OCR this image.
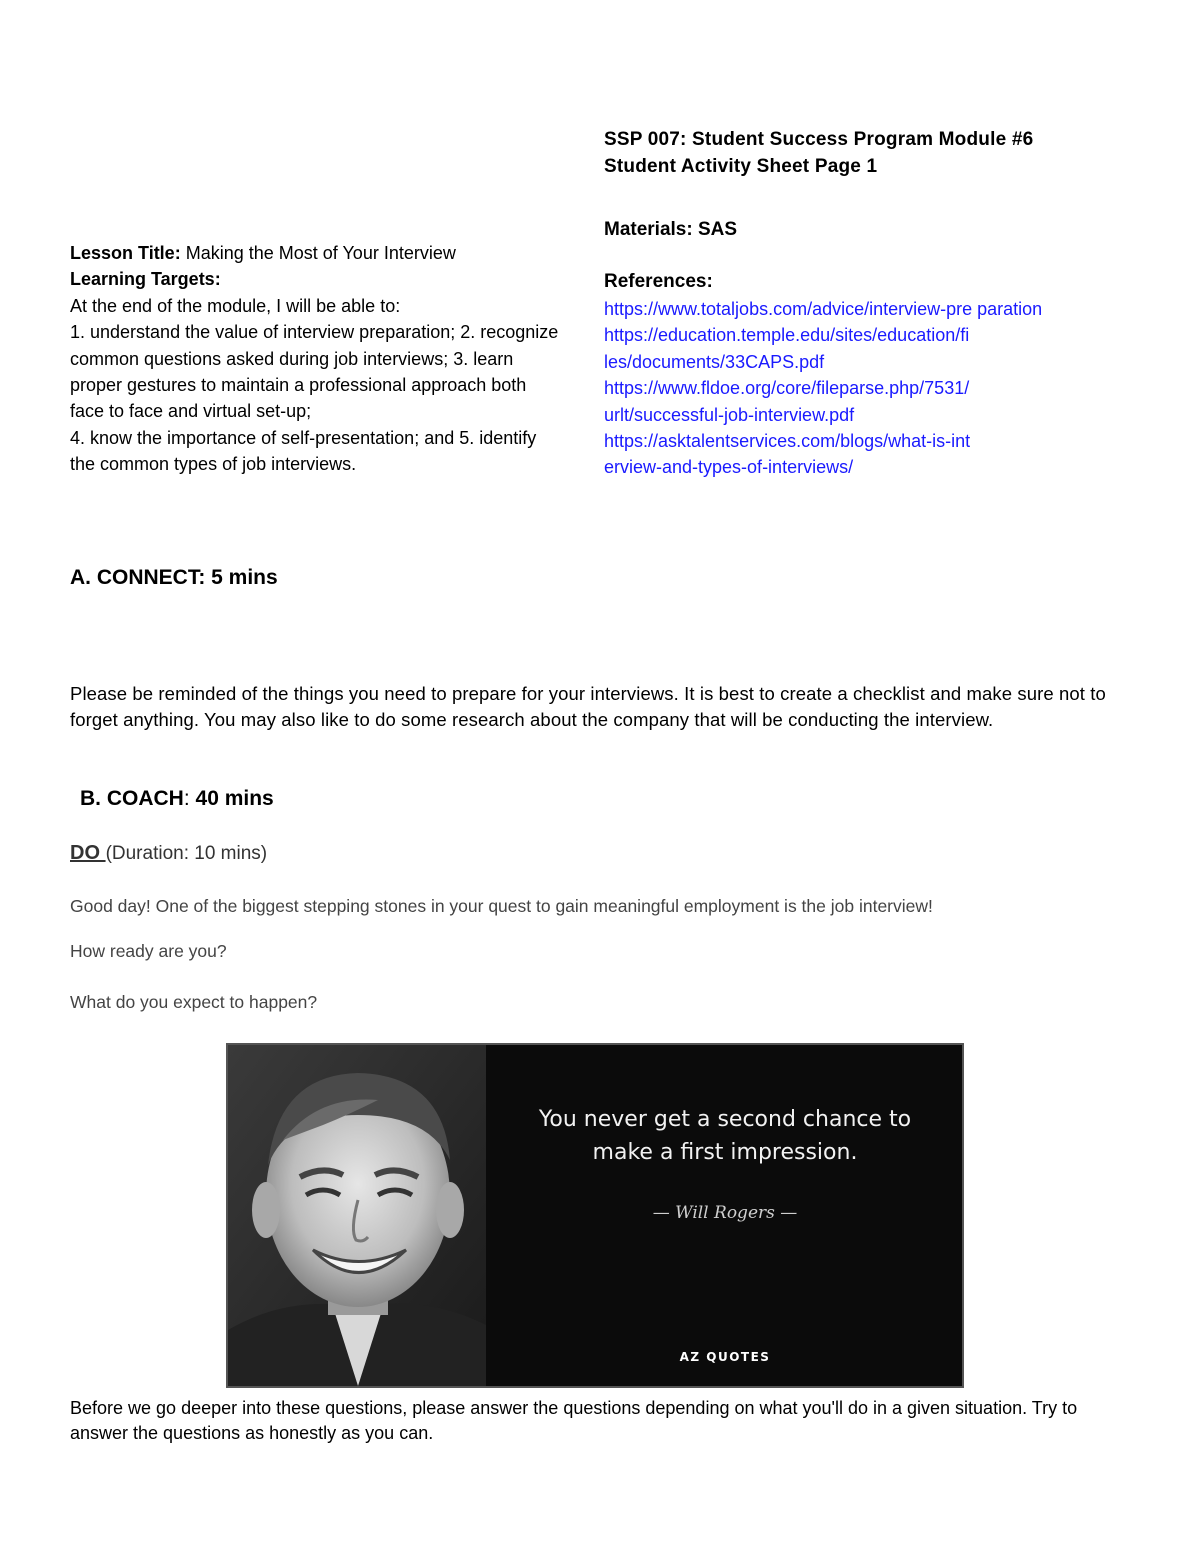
SSP 007: Student Success Program Module #6
Student Activity Sheet Page 1
Materials: SAS
References:
https://www.totaljobs.com/advice/interview-pre paration
https://education.temple.edu/sites/education/fi
les/documents/33CAPS.pdf
https://www.fldoe.org/core/fileparse.php/7531/
urlt/successful-job-interview.pdf
https://asktalentservices.com/blogs/what-is-int
erview-and-types-of-interviews/
Lesson Title: Making the Most of Your Interview
Learning Targets:
At the end of the module, I will be able to:
1. understand the value of interview preparation; 2. recognize
common questions asked during job interviews; 3. learn
proper gestures to maintain a professional approach both
face to face and virtual set-up;
4. know the importance of self-presentation; and 5. identify
the common types of job interviews.
A. CONNECT: 5 mins
Please be reminded of the things you need to prepare for your interviews. It is best to create a checklist and make sure not to forget anything. You may also like to do some research about the company that will be conducting the interview.
B. COACH: 40 mins
DO (Duration: 10 mins)
Good day! One of the biggest stepping stones in your quest to gain meaningful employment is the job interview!
How ready are you?
What do you expect to happen?
You never get a second chance to
make a first impression.
— Will Rogers —
AZ QUOTES
Before we go deeper into these questions, please answer the questions depending on what you'll do in a given situation. Try to answer the questions as honestly as you can.
